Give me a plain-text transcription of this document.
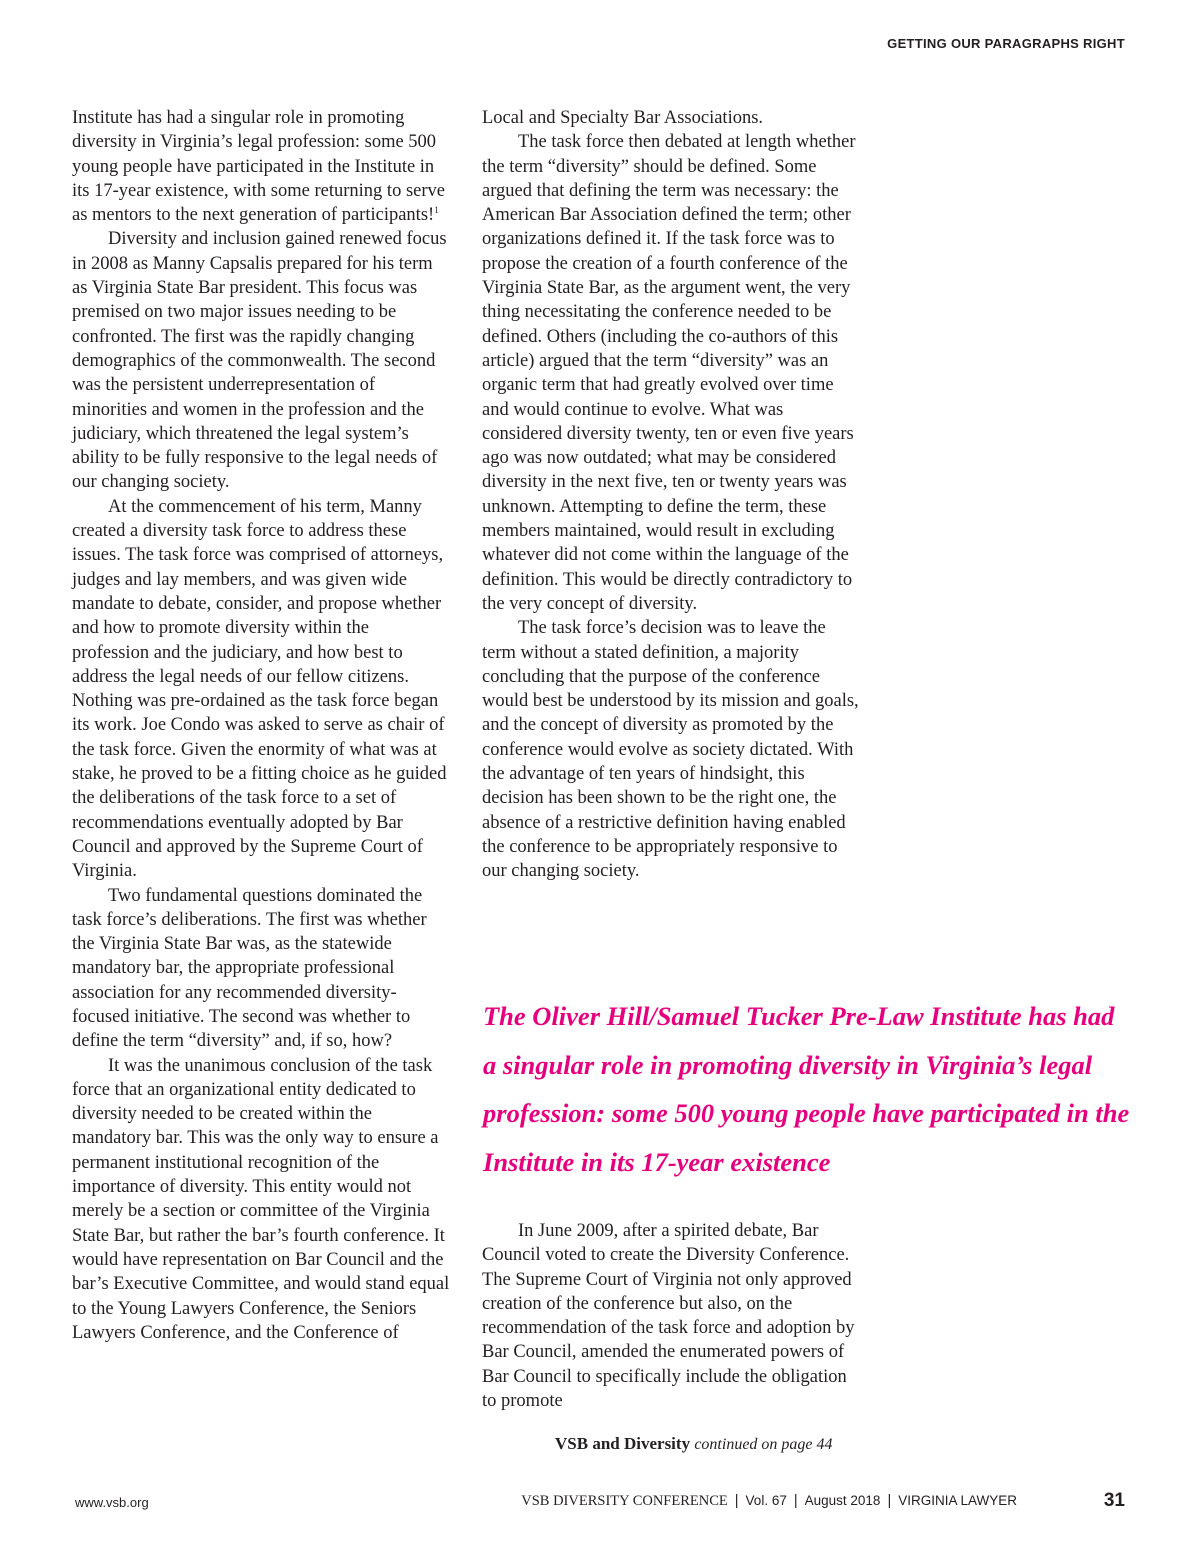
GETTING OUR PARAGRAPHS RIGHT

Institute has had a singular role in promoting diversity in Virginia’s legal profession: some 500 young people have participated in the Institute in its 17-year existence, with some returning to serve as mentors to the next generation of participants!$^1$

Diversity and inclusion gained renewed focus in 2008 as Manny Capsalis prepared for his term as Virginia State Bar president. This focus was premised on two major issues needing to be confronted. The first was the rapidly changing demographics of the commonwealth. The second was the persistent underrepresentation of minorities and women in the profession and the judiciary, which threatened the legal system’s ability to be fully responsive to the legal needs of our changing society.

At the commencement of his term, Manny created a diversity task force to address these issues. The task force was comprised of attorneys, judges and lay members, and was given wide mandate to debate, consider, and propose whether and how to promote diversity within the profession and the judiciary, and how best to address the legal needs of our fellow citizens. Nothing was pre-ordained as the task force began its work. Joe Condo was asked to serve as chair of the task force. Given the enormity of what was at stake, he proved to be a fitting choice as he guided the deliberations of the task force to a set of recommendations eventually adopted by Bar Council and approved by the Supreme Court of Virginia.

Two fundamental questions dominated the task force’s deliberations. The first was whether the Virginia State Bar was, as the statewide mandatory bar, the appropriate professional association for any recommended diversity-focused initiative. The second was whether to define the term “diversity” and, if so, how?

It was the unanimous conclusion of the task force that an organizational entity dedicated to diversity needed to be created within the mandatory bar. This was the only way to ensure a permanent institutional recognition of the importance of diversity. This entity would not merely be a section or committee of the Virginia State Bar, but rather the bar’s fourth conference. It would have representation on Bar Council and the bar’s Executive Committee, and would stand equal to the Young Lawyers Conference, the Seniors Lawyers Conference, and the Conference of

Local and Specialty Bar Associations.

The task force then debated at length whether the term “diversity” should be defined. Some argued that defining the term was necessary: the American Bar Association defined the term; other organizations defined it. If the task force was to propose the creation of a fourth conference of the Virginia State Bar, as the argument went, the very thing necessitating the conference needed to be defined. Others (including the co-authors of this article) argued that the term “diversity” was an organic term that had greatly evolved over time and would continue to evolve. What was considered diversity twenty, ten or even five years ago was now outdated; what may be considered diversity in the next five, ten or twenty years was unknown. Attempting to define the term, these members maintained, would result in excluding whatever did not come within the language of the definition. This would be directly contradictory to the very concept of diversity.

The task force’s decision was to leave the term without a stated definition, a majority concluding that the purpose of the conference would best be understood by its mission and goals, and the concept of diversity as promoted by the conference would evolve as society dictated. With the advantage of ten years of hindsight, this decision has been shown to be the right one, the absence of a restrictive definition having enabled the conference to be appropriately responsive to our changing society.

The Oliver Hill/Samuel Tucker Pre-Law Institute has had a singular role in promoting diversity in Virginia’s legal profession: some 500 young people have participated in the Institute in its 17-year existence

In June 2009, after a spirited debate, Bar Council voted to create the Diversity Conference. The Supreme Court of Virginia not only approved creation of the conference but also, on the recommendation of the task force and adoption by Bar Council, amended the enumerated powers of Bar Council to specifically include the obligation to promote

VSB and Diversity continued on page 44
www.vsb.org	VSB DIVERSITY CONFERENCE | Vol. 67 | August 2018 | VIRGINIA LAWYER	31
